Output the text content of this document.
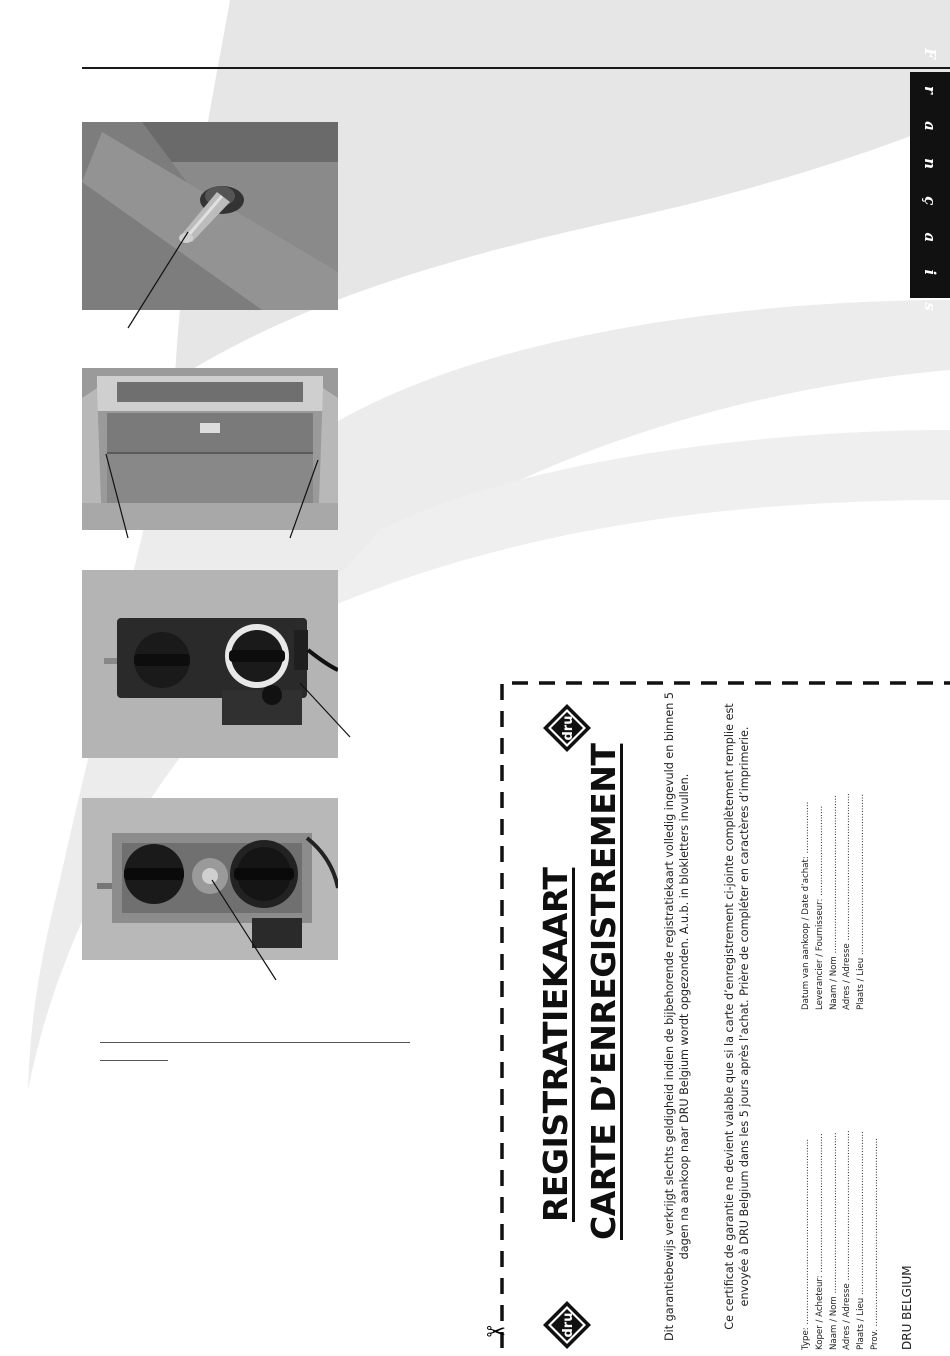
F r a n ç a i s
✂	dru
dru
REGISTRATIEKAART CARTE D’ENREGISTREMENT	Dit garantiebewijs verkrijgt slechts geldigheid indien de bijbehorende registratiekaart volledig ingevuld en binnen 5 dagen na aankoop naar DRU Belgium wordt opgezonden. A.u.b. in blokletters invullen.	Ce certificat de garantie ne devient valable que si la carte d’enregistrement ci-jointe complètement remplie est envoyée à DRU Belgium dans les 5 jours après l’achat. Prière de compléter en caractères d’imprimerie.	Type: .................................................................... Koper / Acheteur: ................................................... Naam / Nom ........................................................... Adres / Adresse ....................................................... Plaats / Lieu ............................................................ Prov. .....................................................................
Datum van aankoop / Date d’achat: ................... Leverancier / Fournisseur: ................................. Naam / Nom .......................................................... Adres / Adresse ...................................................... Plaats / Lieu ...........................................................
DRU BELGIUM
